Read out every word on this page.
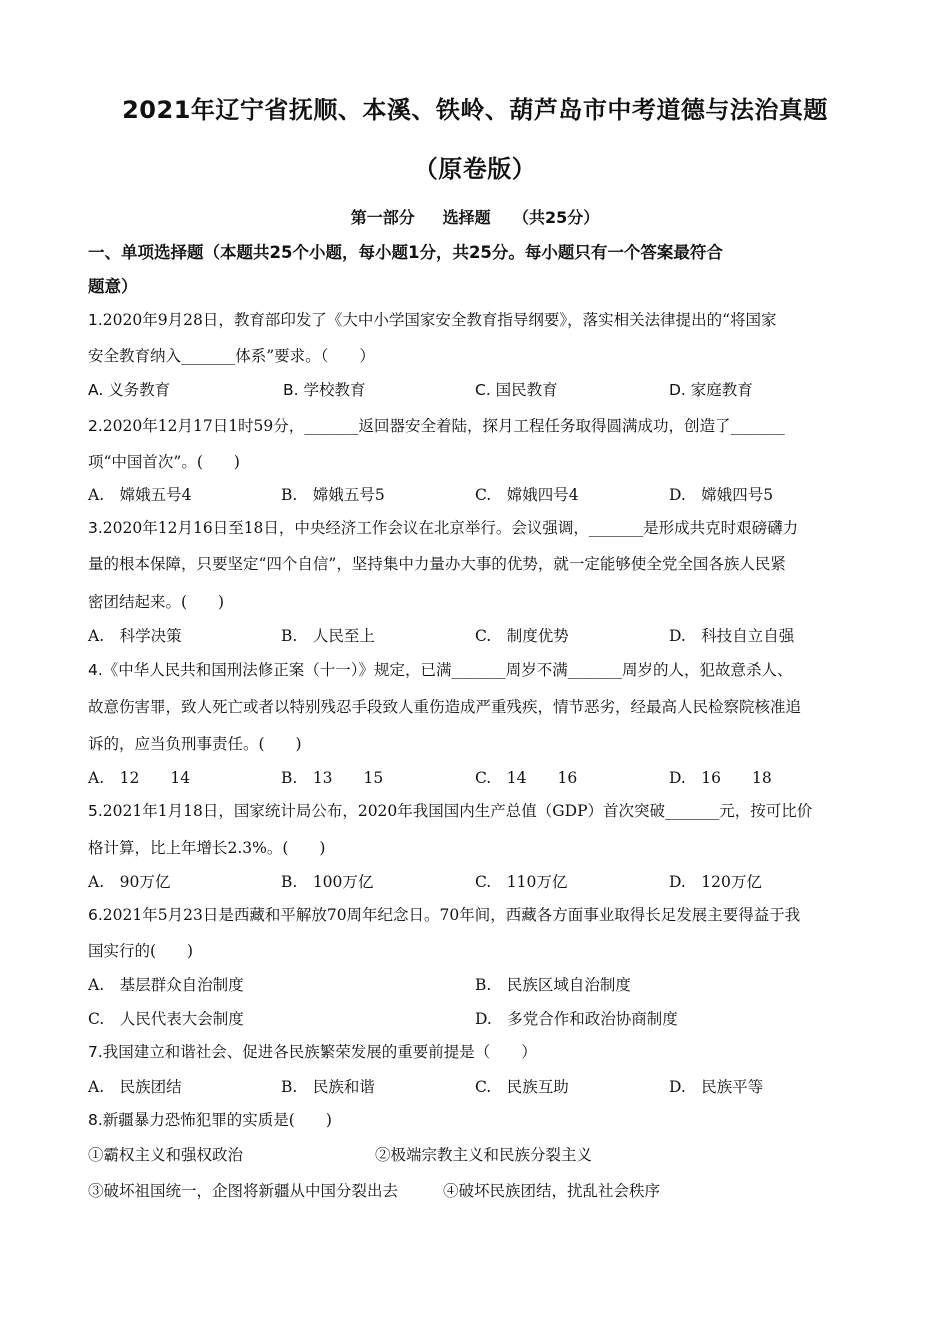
2021年辽宁省抚顺、本溪、铁岭、葫芦岛市中考道德与法治真题
（原卷版）
第一部分 选择题 （共25分）
一、单项选择题（本题共25个小题，每小题1分，共25分。每小题只有一个答案最符合
题意）
1.2020年9月28日，教育部印发了《大中小学国家安全教育指导纲要》，落实相关法律提出的“将国家
安全教育纳入_______体系”要求。（　　）
A. 义务教育	B. 学校教育	C. 国民教育	D. 家庭教育
2.2020年12月17日1时59分，_______返回器安全着陆，探月工程任务取得圆满成功，创造了_______
项“中国首次”。(　　)
A.　嫦娥五号4	B.　嫦娥五号5	C.　嫦娥四号4	D.　嫦娥四号5
3.2020年12月16日至18日，中央经济工作会议在北京举行。会议强调，_______是形成共克时艰磅礴力
量的根本保障，只要坚定“四个自信”，坚持集中力量办大事的优势，就一定能够使全党全国各族人民紧
密团结起来。(　　)
A.　科学决策	B.　人民至上	C.　制度优势	D.　科技自立自强
4.《中华人民共和国刑法修正案（十一）》规定，已满_______周岁不满_______周岁的人，犯故意杀人、
故意伤害罪，致人死亡或者以特别残忍手段致人重伤造成严重残疾，情节恶劣，经最高人民检察院核准追
诉的，应当负刑事责任。(　　)
A.　12　　14	B.　13　　15	C.　14　　16	D.　16　　18
5.2021年1月18日，国家统计局公布，2020年我国国内生产总值（GDP）首次突破_______元，按可比价
格计算，比上年增长2.3%。(　　)
A.　90万亿	B.　100万亿	C.　110万亿	D.　120万亿
6.2021年5月23日是西藏和平解放70周年纪念日。70年间，西藏各方面事业取得长足发展主要得益于我
国实行的(　　)
A.　基层群众自治制度	B.　民族区域自治制度
C.　人民代表大会制度	D.　多党合作和政治协商制度
7.我国建立和谐社会、促进各民族繁荣发展的重要前提是（　　）
A.　民族团结	B.　民族和谐	C.　民族互助	D.　民族平等
8.新疆暴力恐怖犯罪的实质是(　　)
①霸权主义和强权政治	②极端宗教主义和民族分裂主义
③破坏祖国统一，企图将新疆从中国分裂出去	④破坏民族团结，扰乱社会秩序
